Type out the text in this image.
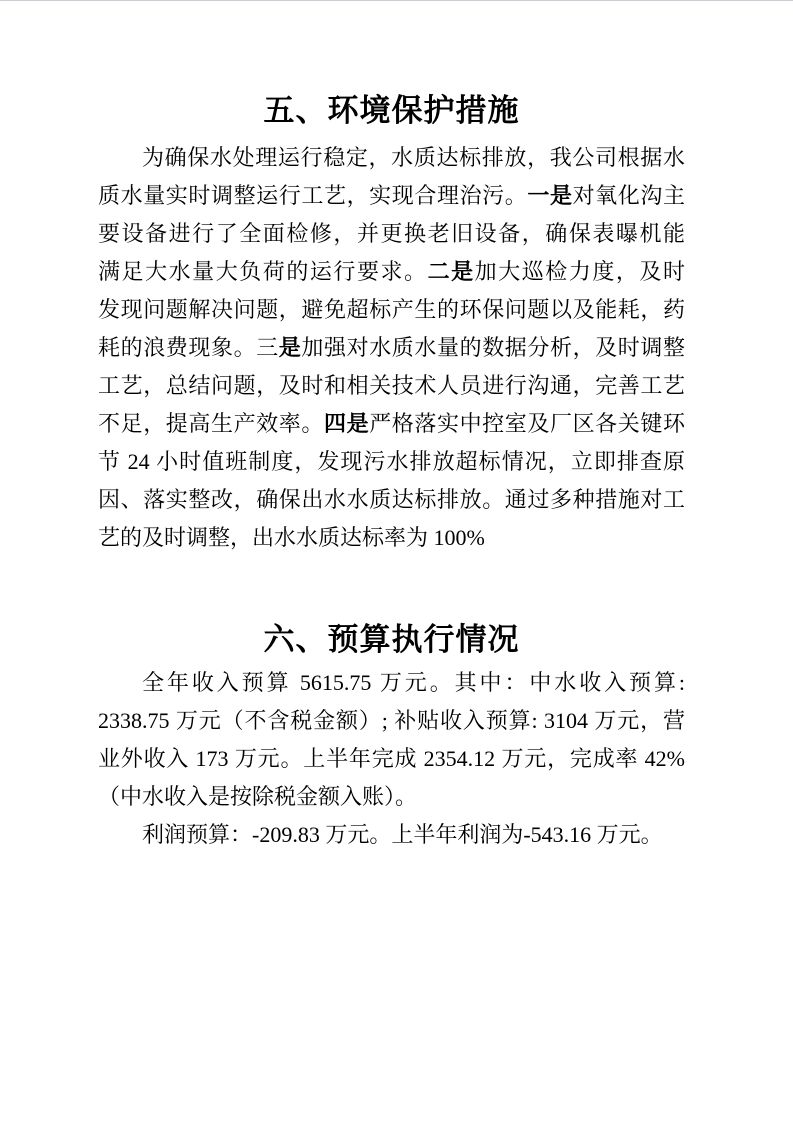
五、环境保护措施
为确保水处理运行稳定，水质达标排放，我公司根据水
质水量实时调整运行工艺，实现合理治污。一是对氧化沟主
要设备进行了全面检修，并更换老旧设备，确保表曝机能
满足大水量大负荷的运行要求。二是加大巡检力度，及时
发现问题解决问题，避免超标产生的环保问题以及能耗，药
耗的浪费现象。三是加强对水质水量的数据分析，及时调整
工艺，总结问题，及时和相关技术人员进行沟通，完善工艺
不足，提高生产效率。四是严格落实中控室及厂区各关键环
节 24 小时值班制度，发现污水排放超标情况，立即排查原
因、落实整改，确保出水水质达标排放。通过多种措施对工
艺的及时调整，出水水质达标率为 100%
六、预算执行情况
全年收入预算 5615.75 万元。其中：中水收入预算:
2338.75 万元（不含税金额）; 补贴收入预算: 3104 万元，营
业外收入 173 万元。上半年完成 2354.12 万元，完成率 42%
（中水收入是按除税金额入账）。
利润预算：-209.83 万元。上半年利润为-543.16 万元。
